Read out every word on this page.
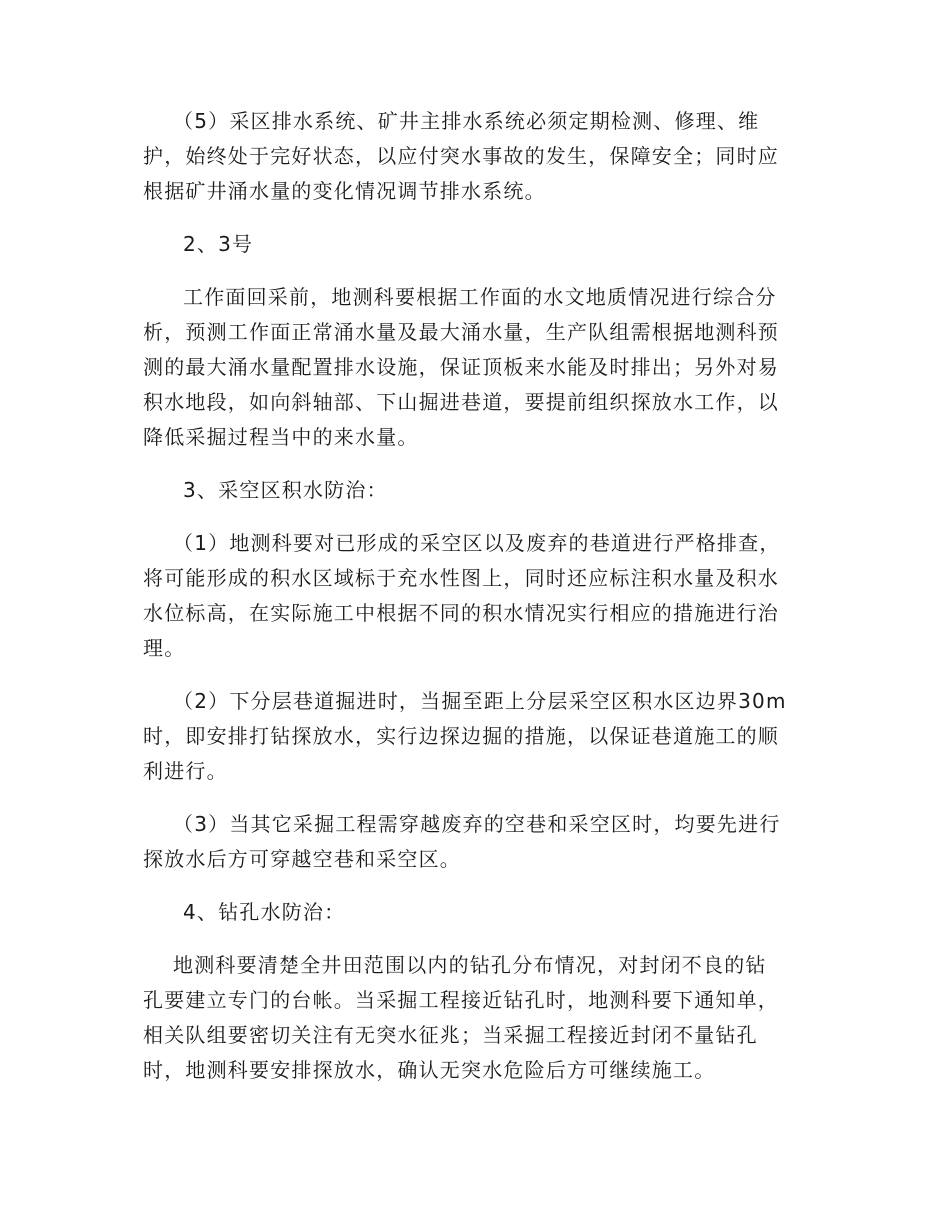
（5）采区排水系统、矿井主排水系统必须定期检测、修理、维
护，始终处于完好状态，以应付突水事故的发生，保障安全；同时应
根据矿井涌水量的变化情况调节排水系统。
2、3号
工作面回采前，地测科要根据工作面的水文地质情况进行综合分
析，预测工作面正常涌水量及最大涌水量，生产队组需根据地测科预
测的最大涌水量配置排水设施，保证顶板来水能及时排出；另外对易
积水地段，如向斜轴部、下山掘进巷道，要提前组织探放水工作，以
降低采掘过程当中的来水量。
3、采空区积水防治：
（1）地测科要对已形成的采空区以及废弃的巷道进行严格排查，
将可能形成的积水区域标于充水性图上，同时还应标注积水量及积水
水位标高，在实际施工中根据不同的积水情况实行相应的措施进行治
理。
（2）下分层巷道掘进时，当掘至距上分层采空区积水区边界30m
时，即安排打钻探放水，实行边探边掘的措施，以保证巷道施工的顺
利进行。
（3）当其它采掘工程需穿越废弃的空巷和采空区时，均要先进行
探放水后方可穿越空巷和采空区。
4、钻孔水防治：
地测科要清楚全井田范围以内的钻孔分布情况，对封闭不良的钻
孔要建立专门的台帐。当采掘工程接近钻孔时，地测科要下通知单，
相关队组要密切关注有无突水征兆；当采掘工程接近封闭不量钻孔
时，地测科要安排探放水，确认无突水危险后方可继续施工。
